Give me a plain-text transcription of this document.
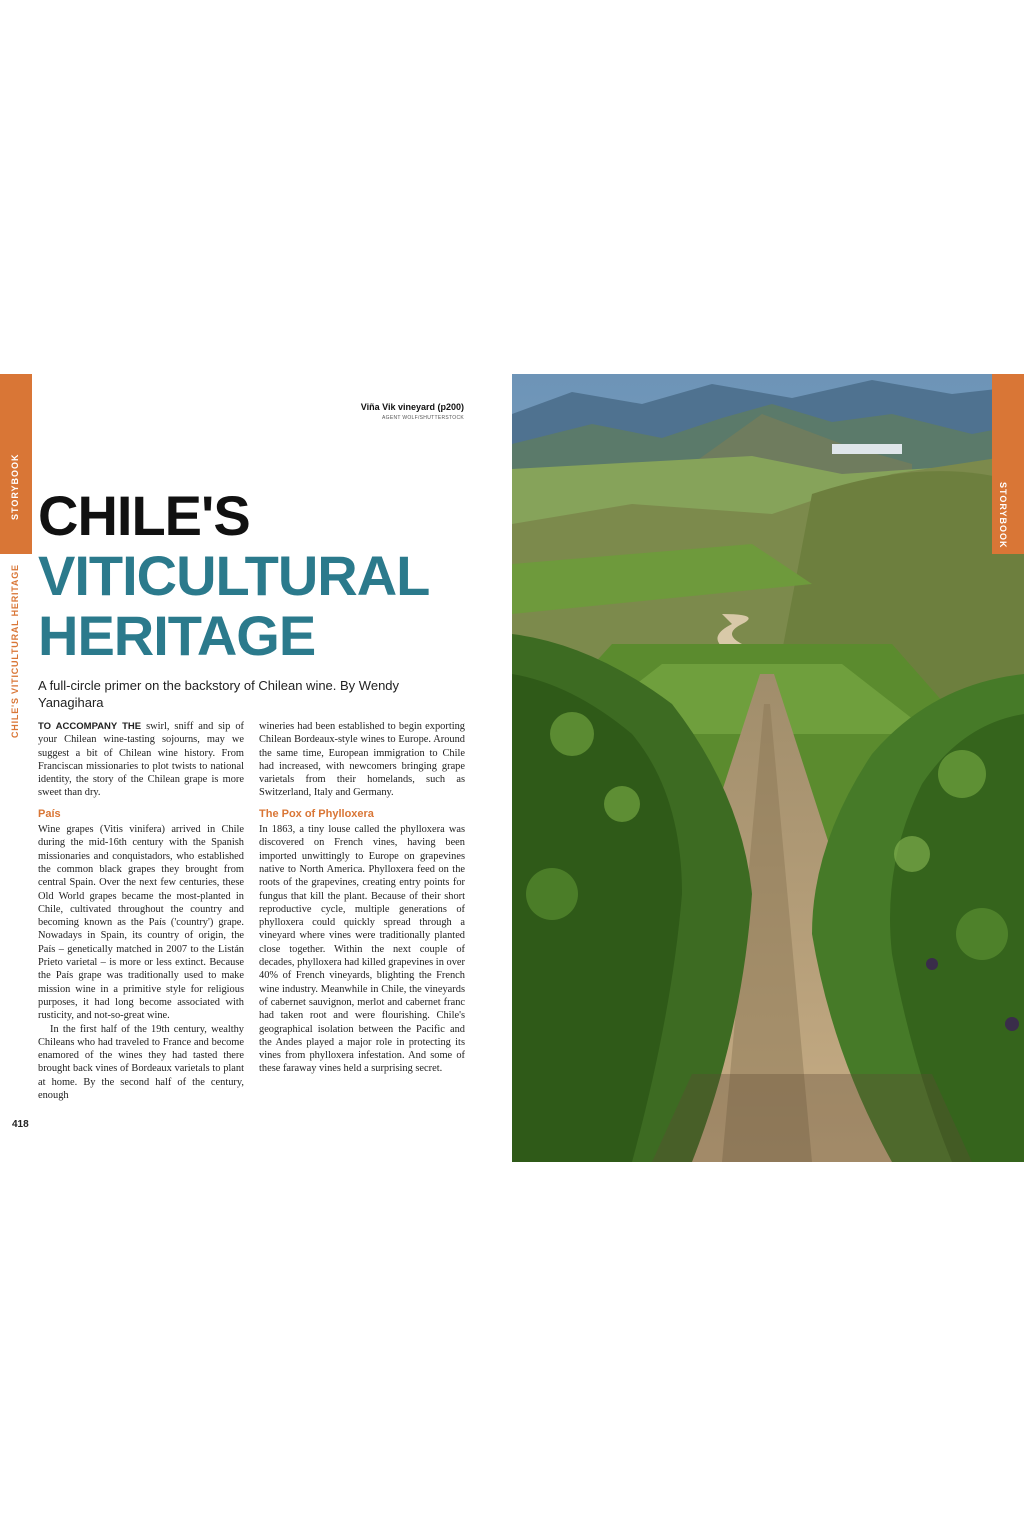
STORYBOOK
CHILE'S VITICULTURAL HERITAGE
418
Viña Vik vineyard (p200)
AGENT WOLF/SHUTTERSTOCK
CHILE'S
VITICULTURAL
HERITAGE
A full-circle primer on the backstory of Chilean wine. By Wendy Yanagihara

TO ACCOMPANY THE swirl, sniff and sip of your Chilean wine-tasting sojourns, may we suggest a bit of Chilean wine history. From Franciscan missionaries to plot twists to national identity, the story of the Chilean grape is more sweet than dry.

País

Wine grapes (Vitis vinifera) arrived in Chile during the mid-16th century with the Spanish missionaries and conquistadors, who established the common black grapes they brought from central Spain. Over the next few centuries, these Old World grapes became the most-planted in Chile, cultivated throughout the country and becoming known as the País ('country') grape. Nowadays in Spain, its country of origin, the País – genetically matched in 2007 to the Listán Prieto varietal – is more or less extinct. Because the País grape was traditionally used to make mission wine in a primitive style for religious purposes, it had long become associated with rusticity, and not-so-great wine.

In the first half of the 19th century, wealthy Chileans who had traveled to France and become enamored of the wines they had tasted there brought back vines of Bordeaux varietals to plant at home. By the second half of the century, enough

wineries had been established to begin exporting Chilean Bordeaux-style wines to Europe. Around the same time, European immigration to Chile had increased, with newcomers bringing grape varietals from their homelands, such as Switzerland, Italy and Germany.

The Pox of Phylloxera

In 1863, a tiny louse called the phylloxera was discovered on French vines, having been imported unwittingly to Europe on grapevines native to North America. Phylloxera feed on the roots of the grapevines, creating entry points for fungus that kill the plant. Because of their short reproductive cycle, multiple generations of phylloxera could quickly spread through a vineyard where vines were traditionally planted close together. Within the next couple of decades, phylloxera had killed grapevines in over 40% of French vineyards, blighting the French wine industry. Meanwhile in Chile, the vineyards of cabernet sauvignon, merlot and cabernet franc had taken root and were flourishing. Chile's geographical isolation between the Pacific and the Andes played a major role in protecting its vines from phylloxera infestation. And some of these faraway vines held a surprising secret.

STORYBOOK
